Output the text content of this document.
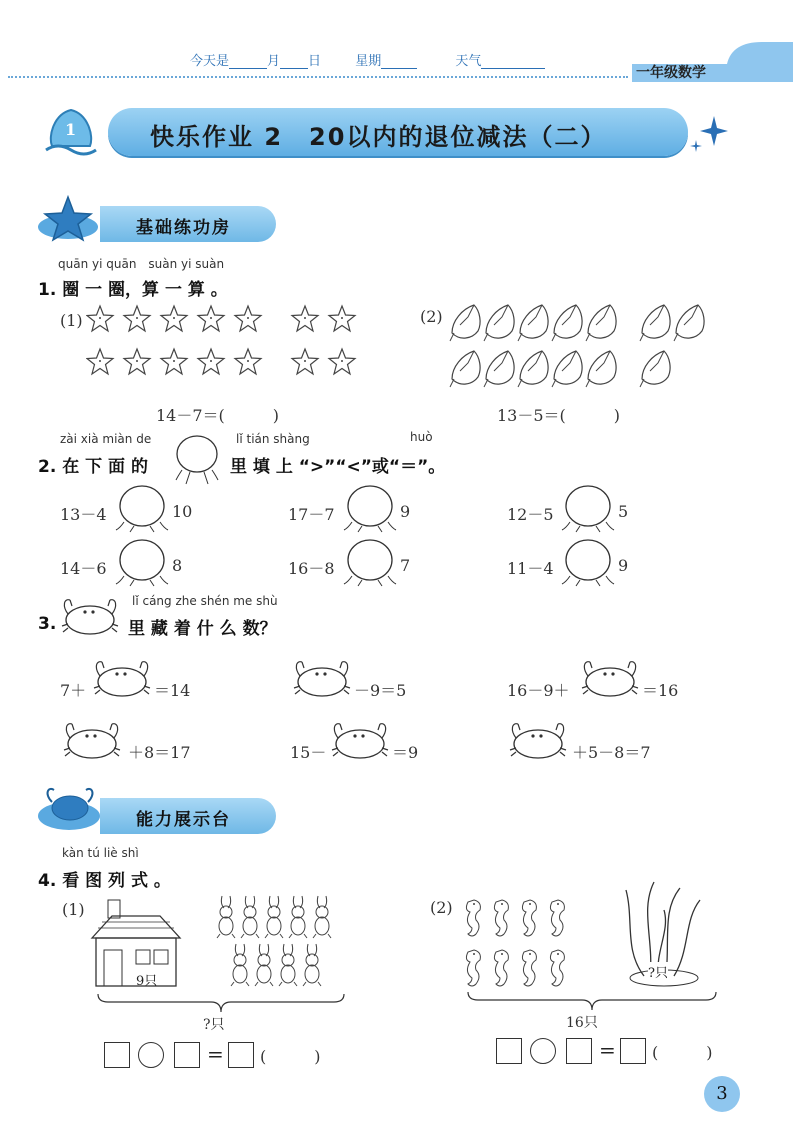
今天是	月 日	星期	天气
一年级数学
1	快乐作业 2　20以内的退位减法（二）
基础练功房
quān yi quān　suàn yi suàn
1. 圈 一 圈，算 一 算 。
(1)	(2)
14－7＝(　　　)	13－5＝(　　　)
zài xià miàn de	lǐ tián shàng	huò
2. 在 下 面 的	里 填 上 “>”“<”或“＝”。
13－4	10	17－7	9	12－5	5
14－6	8	16－8	7	11－4	9
lǐ cáng zhe shén me shù
3.	里 藏 着 什 么 数？
7＋	＝14	－9＝5	16－9＋	＝16
＋8＝17	15－	＝9	＋5－8＝7
能力展示台
kàn tú liè shì
4. 看 图 列 式 。
(1)	(2)
9只
?只
= (　　　)
?只
16只
= (　　　)
3
